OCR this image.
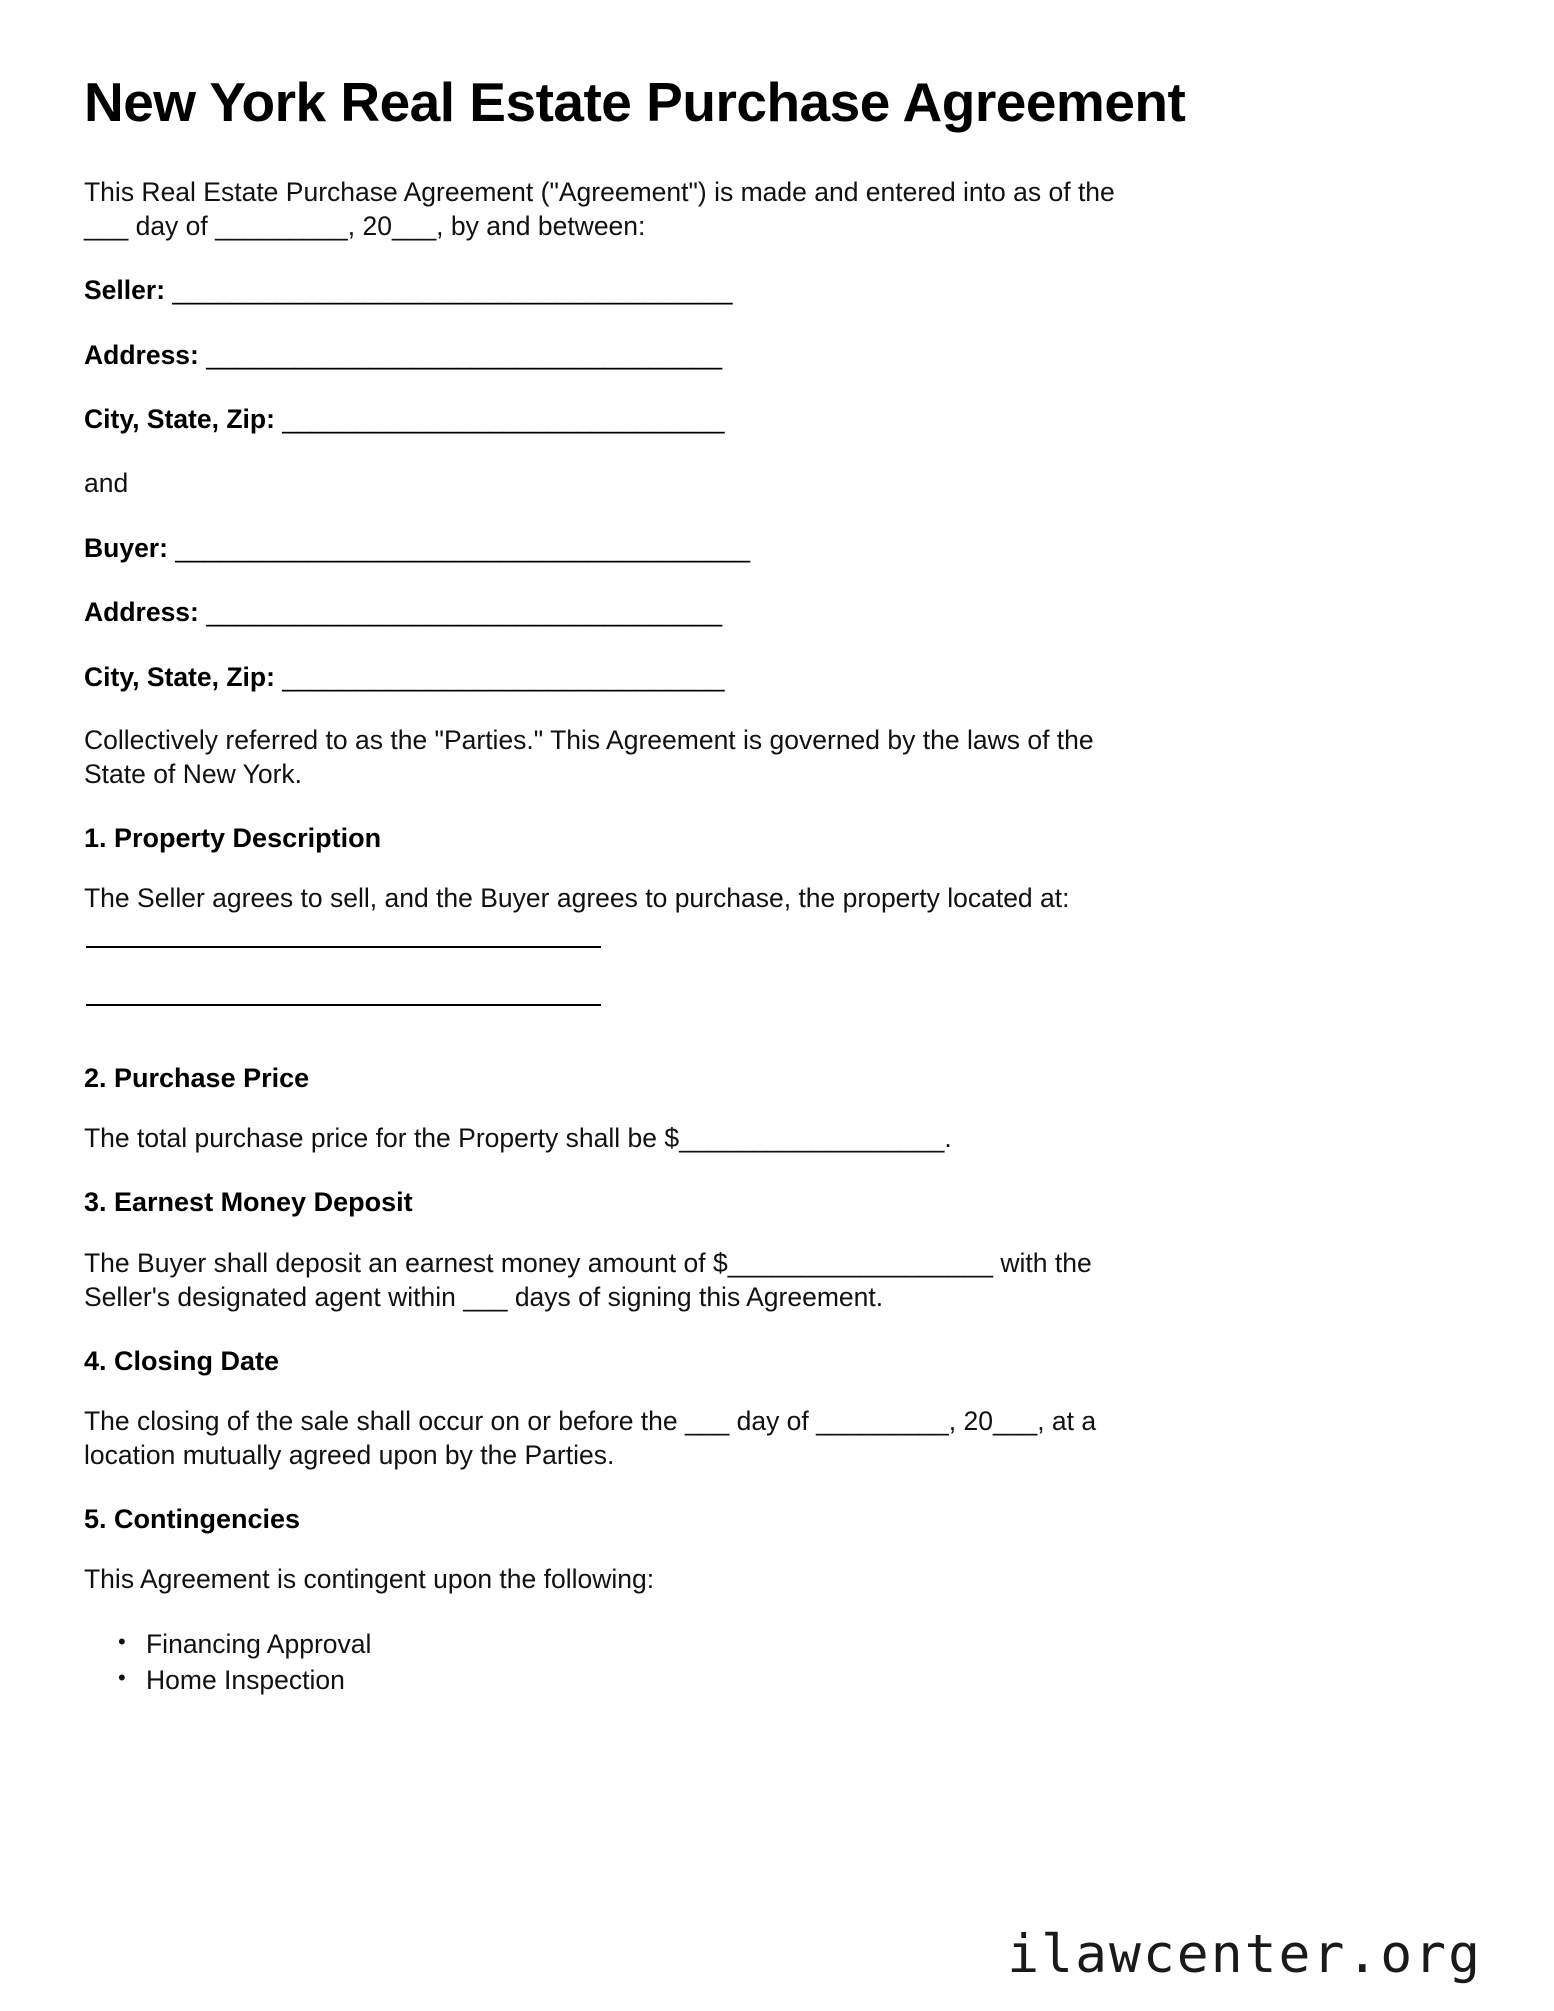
New York Real Estate Purchase Agreement

This Real Estate Purchase Agreement ("Agreement") is made and entered into as of the ___ day of _________, 20___, by and between:

Seller: ______________________________________
Address: ___________________________________
City, State, Zip: ______________________________

and

Buyer: _______________________________________
Address: ___________________________________
City, State, Zip: ______________________________

Collectively referred to as the "Parties." This Agreement is governed by the laws of the State of New York.

1. Property Description

The Seller agrees to sell, and the Buyer agrees to purchase, the property located at:

2. Purchase Price

The total purchase price for the Property shall be $__________________.

3. Earnest Money Deposit

The Buyer shall deposit an earnest money amount of $__________________ with the Seller's designated agent within ___ days of signing this Agreement.

4. Closing Date

The closing of the sale shall occur on or before the ___ day of _________, 20___, at a location mutually agreed upon by the Parties.

5. Contingencies

This Agreement is contingent upon the following:

• Financing Approval
• Home Inspection
ilawcenter.org
